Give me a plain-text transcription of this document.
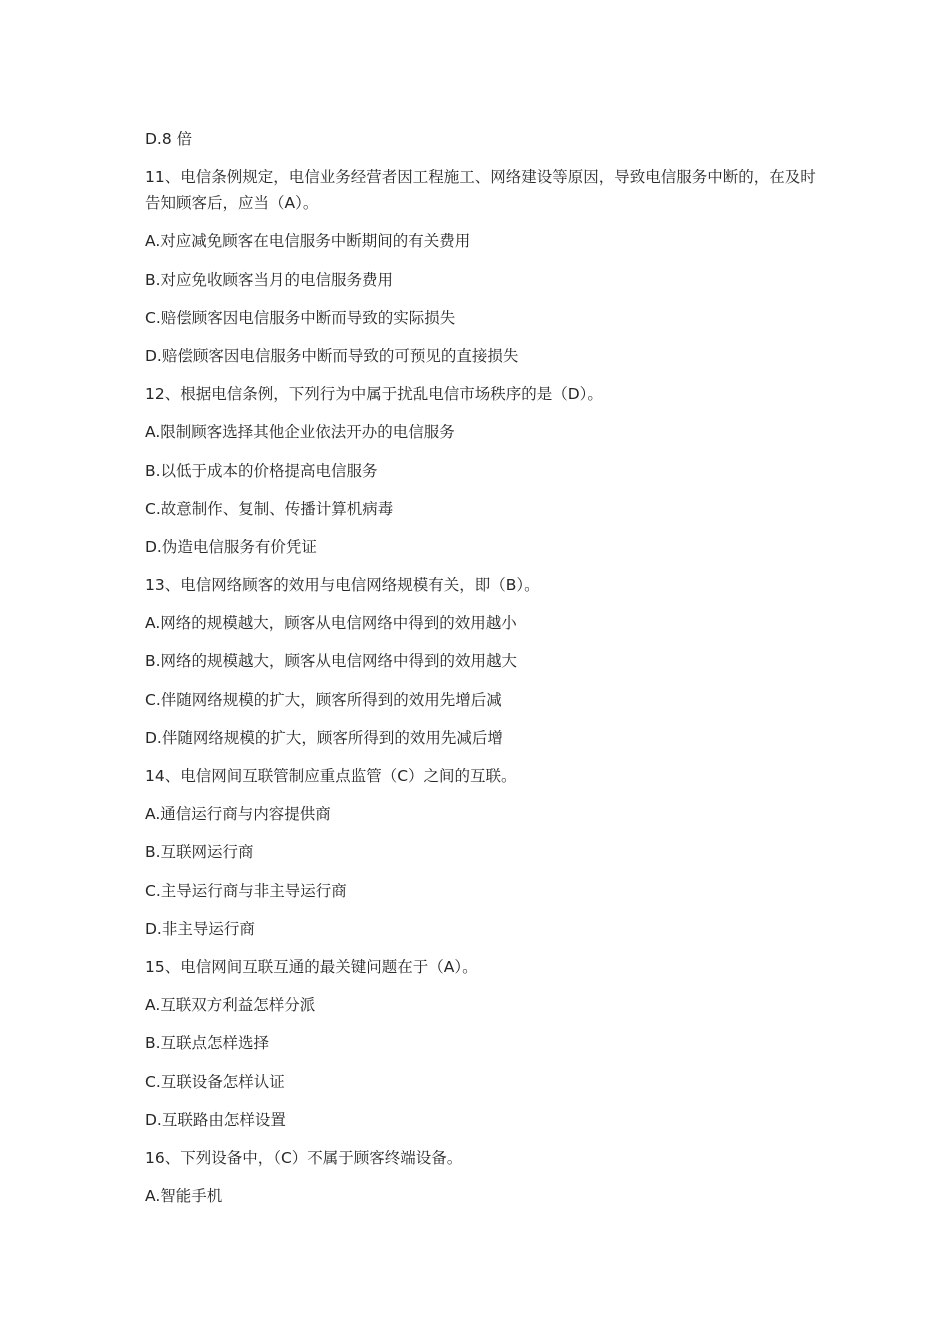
D.8 倍

11、电信条例规定，电信业务经营者因工程施工、网络建设等原因，导致电信服务中断的，在及时告知顾客后，应当（A）。

A.对应减免顾客在电信服务中断期间的有关费用

B.对应免收顾客当月的电信服务费用

C.赔偿顾客因电信服务中断而导致的实际损失

D.赔偿顾客因电信服务中断而导致的可预见的直接损失

12、根据电信条例，下列行为中属于扰乱电信市场秩序的是（D）。

A.限制顾客选择其他企业依法开办的电信服务

B.以低于成本的价格提高电信服务

C.故意制作、复制、传播计算机病毒

D.伪造电信服务有价凭证

13、电信网络顾客的效用与电信网络规模有关，即（B）。

A.网络的规模越大，顾客从电信网络中得到的效用越小

B.网络的规模越大，顾客从电信网络中得到的效用越大

C.伴随网络规模的扩大，顾客所得到的效用先增后减

D.伴随网络规模的扩大，顾客所得到的效用先减后增

14、电信网间互联管制应重点监管（C）之间的互联。

A.通信运行商与内容提供商

B.互联网运行商

C.主导运行商与非主导运行商

D.非主导运行商

15、电信网间互联互通的最关键问题在于（A）。

A.互联双方利益怎样分派

B.互联点怎样选择

C.互联设备怎样认证

D.互联路由怎样设置

16、下列设备中，（C）不属于顾客终端设备。

A.智能手机
